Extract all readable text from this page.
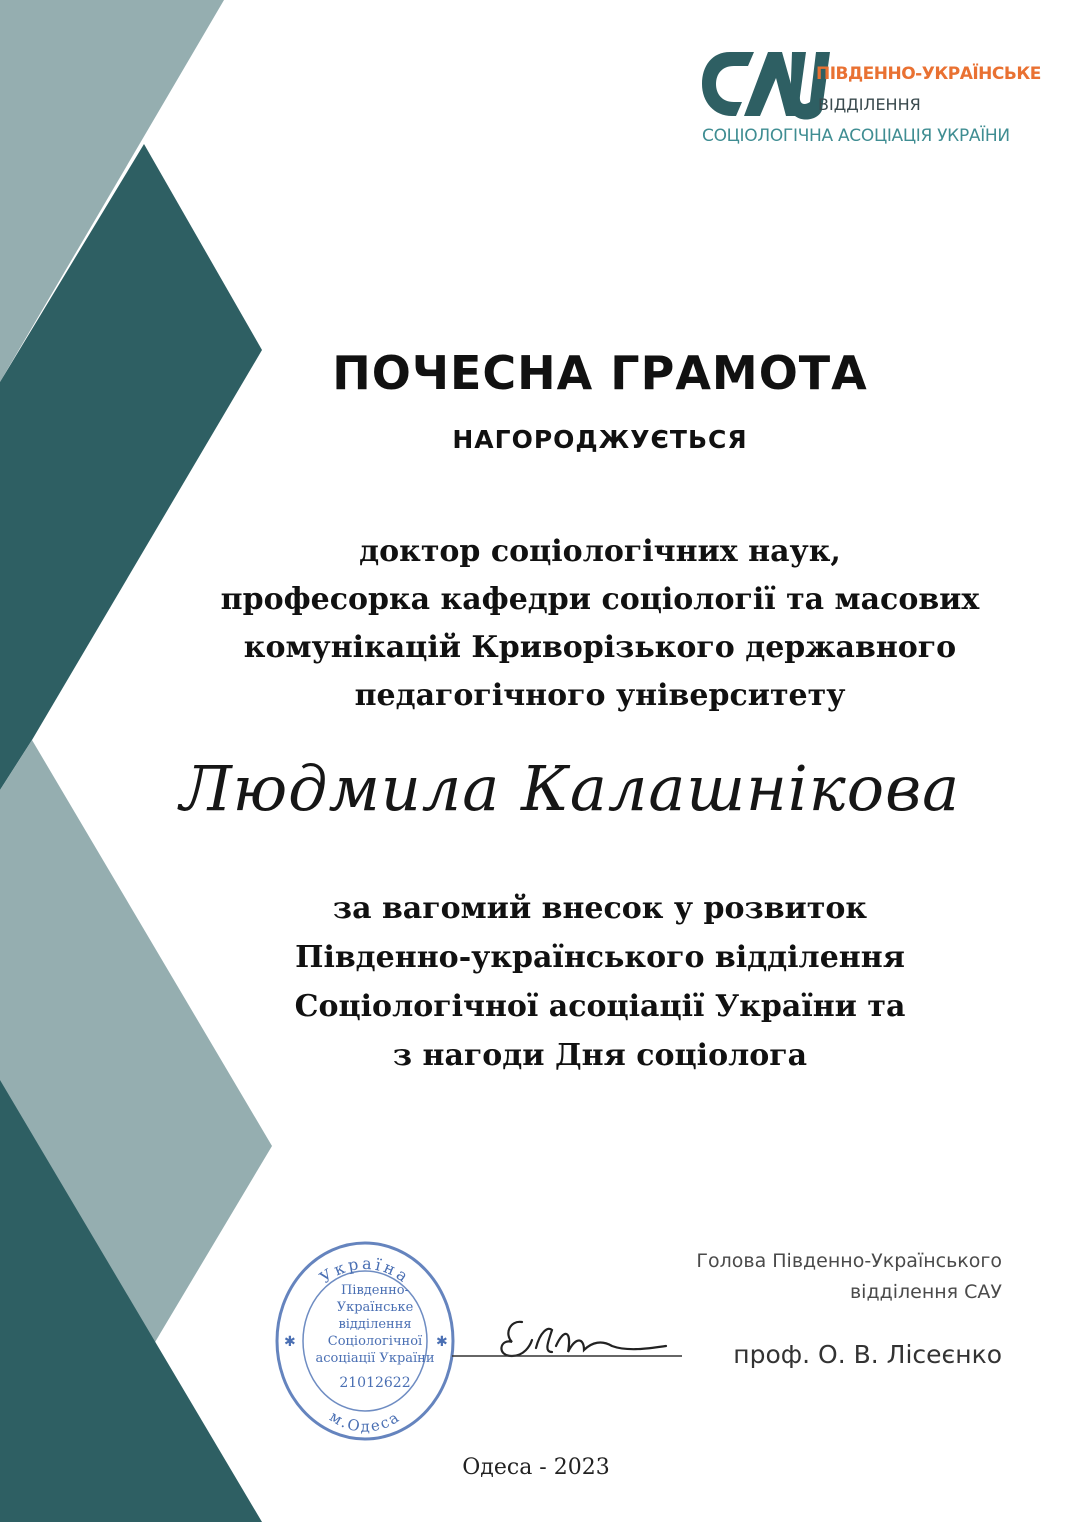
ПІВДЕННО-УКРАЇНСЬКЕ
ВІДДІЛЕННЯ
СОЦІОЛОГІЧНА АСОЦІАЦІЯ УКРАЇНИ
ПОЧЕСНА ГРАМОТА
НАГОРОДЖУЄТЬСЯ
доктор соціологічних наук,
професорка кафедри соціології та масових
комунікацій Криворізького державного
педагогічного університету
Людмила Калашнікова
за вагомий внесок у розвиток
Південно-українського відділення
Соціологічної асоціації України та
з нагоди Дня соціолога
Голова Південно-Українського
відділення САУ
проф. О. В. Лісеєнко
Україна
м.Одеса
✱	✱
Південно-
Українське
відділення
Соціологічної
асоціації України
21012622
Одеса - 2023
